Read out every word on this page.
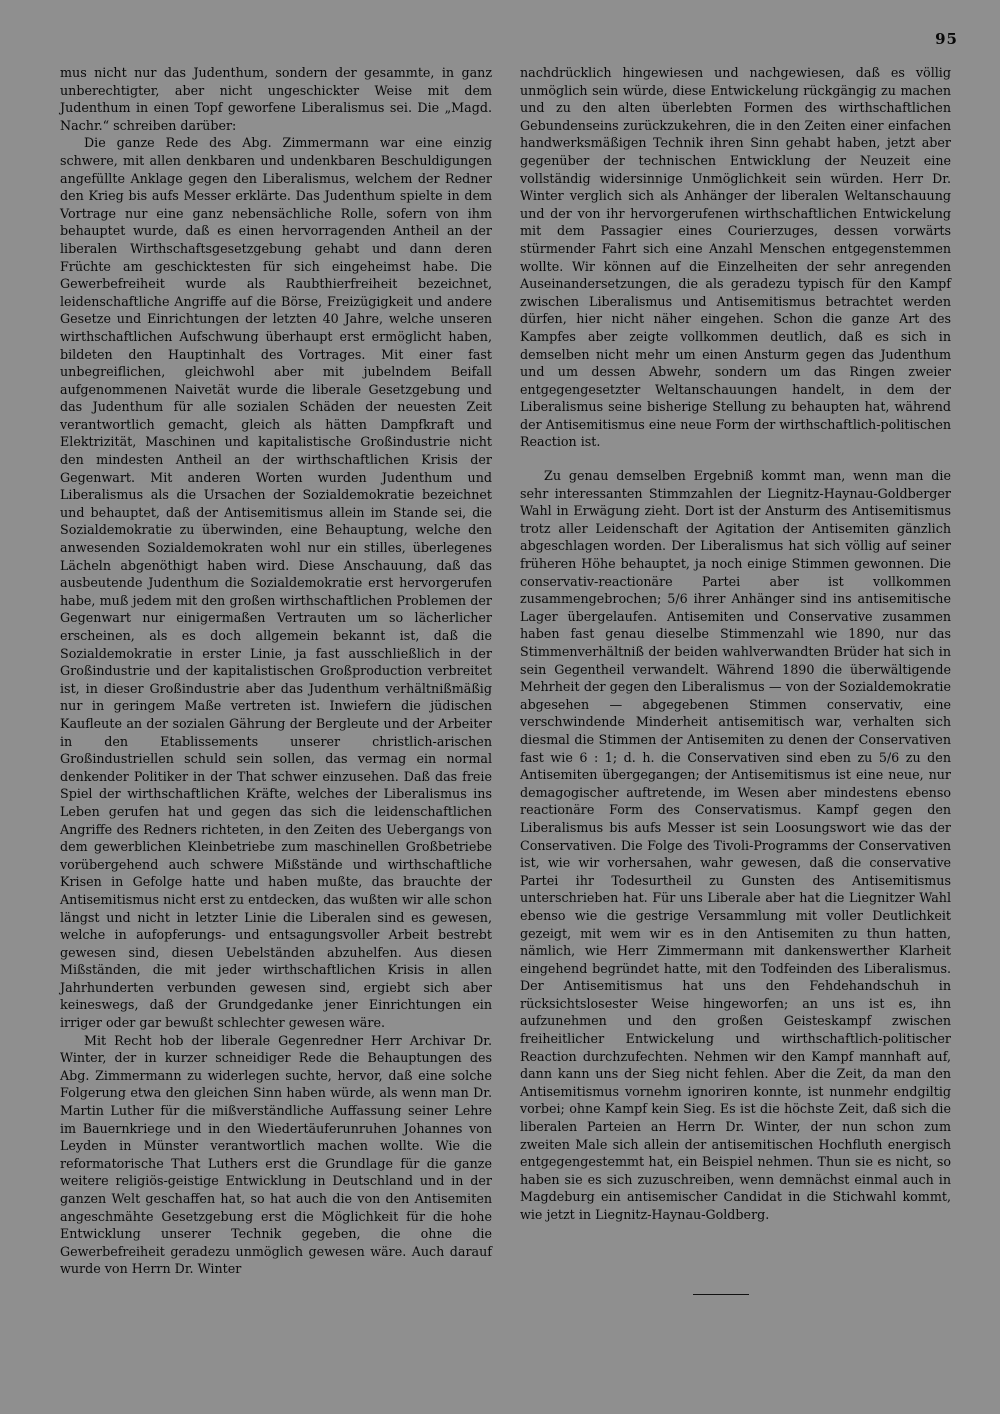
95

mus nicht nur das Judenthum, sondern der gesammte, in ganz unberechtigter, aber nicht ungeschickter Weise mit dem Judenthum in einen Topf geworfene Liberalismus sei. Die „Magd. Nachr.“ schreiben darüber:

Die ganze Rede des Abg. Zimmermann war eine einzig schwere, mit allen denkbaren und undenkbaren Beschuldigungen angefüllte Anklage gegen den Liberalismus, welchem der Redner den Krieg bis aufs Messer erklärte. Das Judenthum spielte in dem Vortrage nur eine ganz nebensächliche Rolle, sofern von ihm behauptet wurde, daß es einen hervorragenden Antheil an der liberalen Wirthschaftsgesetzgebung gehabt und dann deren Früchte am geschicktesten für sich eingeheimst habe. Die Gewerbefreiheit wurde als Raubthierfreiheit bezeichnet, leidenschaftliche Angriffe auf die Börse, Freizügigkeit und andere Gesetze und Einrichtungen der letzten 40 Jahre, welche unseren wirthschaftlichen Aufschwung überhaupt erst ermöglicht haben, bildeten den Hauptinhalt des Vortrages. Mit einer fast unbegreiflichen, gleichwohl aber mit jubelndem Beifall aufgenommenen Naivetät wurde die liberale Gesetzgebung und das Judenthum für alle sozialen Schäden der neuesten Zeit verantwortlich gemacht, gleich als hätten Dampfkraft und Elektrizität, Maschinen und kapitalistische Großindustrie nicht den mindesten Antheil an der wirthschaftlichen Krisis der Gegenwart. Mit anderen Worten wurden Judenthum und Liberalismus als die Ursachen der Sozialdemokratie bezeichnet und behauptet, daß der Antisemitismus allein im Stande sei, die Sozialdemokratie zu überwinden, eine Behauptung, welche den anwesenden Sozialdemokraten wohl nur ein stilles, überlegenes Lächeln abgenöthigt haben wird. Diese Anschauung, daß das ausbeutende Judenthum die Sozialdemokratie erst hervorgerufen habe, muß jedem mit den großen wirthschaftlichen Problemen der Gegenwart nur einigermaßen Vertrauten um so lächerlicher erscheinen, als es doch allgemein bekannt ist, daß die Sozialdemokratie in erster Linie, ja fast ausschließlich in der Großindustrie und der kapitalistischen Großproduction verbreitet ist, in dieser Großindustrie aber das Judenthum verhältnißmäßig nur in geringem Maße vertreten ist. Inwiefern die jüdischen Kaufleute an der sozialen Gährung der Bergleute und der Arbeiter in den Etablissements unserer christlich-arischen Großindustriellen schuld sein sollen, das vermag ein normal denkender Politiker in der That schwer einzusehen. Daß das freie Spiel der wirthschaftlichen Kräfte, welches der Liberalismus ins Leben gerufen hat und gegen das sich die leidenschaftlichen Angriffe des Redners richteten, in den Zeiten des Uebergangs von dem gewerblichen Kleinbetriebe zum maschinellen Großbetriebe vorübergehend auch schwere Mißstände und wirthschaftliche Krisen in Gefolge hatte und haben mußte, das brauchte der Antisemitismus nicht erst zu entdecken, das wußten wir alle schon längst und nicht in letzter Linie die Liberalen sind es gewesen, welche in aufopferungs- und entsagungsvoller Arbeit bestrebt gewesen sind, diesen Uebelständen abzuhelfen. Aus diesen Mißständen, die mit jeder wirthschaftlichen Krisis in allen Jahrhunderten verbunden gewesen sind, ergiebt sich aber keineswegs, daß der Grundgedanke jener Einrichtungen ein irriger oder gar bewußt schlechter gewesen wäre.

Mit Recht hob der liberale Gegenredner Herr Archivar Dr. Winter, der in kurzer schneidiger Rede die Behauptungen des Abg. Zimmermann zu widerlegen suchte, hervor, daß eine solche Folgerung etwa den gleichen Sinn haben würde, als wenn man Dr. Martin Luther für die mißverständliche Auffassung seiner Lehre im Bauernkriege und in den Wiedertäuferunruhen Johannes von Leyden in Münster verantwortlich machen wollte. Wie die reformatorische That Luthers erst die Grundlage für die ganze weitere religiös-geistige Entwicklung in Deutschland und in der ganzen Welt geschaffen hat, so hat auch die von den Antisemiten angeschmähte Gesetzgebung erst die Möglichkeit für die hohe Entwicklung unserer Technik gegeben, die ohne die Gewerbefreiheit geradezu unmöglich gewesen wäre. Auch darauf wurde von Herrn Dr. Winter

nachdrücklich hingewiesen und nachgewiesen, daß es völlig unmöglich sein würde, diese Entwickelung rückgängig zu machen und zu den alten überlebten Formen des wirthschaftlichen Gebundenseins zurückzukehren, die in den Zeiten einer einfachen handwerksmäßigen Technik ihren Sinn gehabt haben, jetzt aber gegenüber der technischen Entwicklung der Neuzeit eine vollständig widersinnige Unmöglichkeit sein würden. Herr Dr. Winter verglich sich als Anhänger der liberalen Weltanschauung und der von ihr hervorgerufenen wirthschaftlichen Entwickelung mit dem Passagier eines Courierzuges, dessen vorwärts stürmender Fahrt sich eine Anzahl Menschen entgegenstemmen wollte. Wir können auf die Einzelheiten der sehr anregenden Auseinandersetzungen, die als geradezu typisch für den Kampf zwischen Liberalismus und Antisemitismus betrachtet werden dürfen, hier nicht näher eingehen. Schon die ganze Art des Kampfes aber zeigte vollkommen deutlich, daß es sich in demselben nicht mehr um einen Ansturm gegen das Judenthum und um dessen Abwehr, sondern um das Ringen zweier entgegengesetzter Weltanschauungen handelt, in dem der Liberalismus seine bisherige Stellung zu behaupten hat, während der Antisemitismus eine neue Form der wirthschaftlich-politischen Reaction ist.

Zu genau demselben Ergebniß kommt man, wenn man die sehr interessanten Stimmzahlen der Liegnitz-Haynau-Goldberger Wahl in Erwägung zieht. Dort ist der Ansturm des Antisemitismus trotz aller Leidenschaft der Agitation der Antisemiten gänzlich abgeschlagen worden. Der Liberalismus hat sich völlig auf seiner früheren Höhe behauptet, ja noch einige Stimmen gewonnen. Die conservativ-reactionäre Partei aber ist vollkommen zusammengebrochen; 5/6 ihrer Anhänger sind ins antisemitische Lager übergelaufen. Antisemiten und Conservative zusammen haben fast genau dieselbe Stimmenzahl wie 1890, nur das Stimmenverhältniß der beiden wahlverwandten Brüder hat sich in sein Gegentheil verwandelt. Während 1890 die überwältigende Mehrheit der gegen den Liberalismus — von der Sozialdemokratie abgesehen — abgegebenen Stimmen conservativ, eine verschwindende Minderheit antisemitisch war, verhalten sich diesmal die Stimmen der Antisemiten zu denen der Conservativen fast wie 6 : 1; d. h. die Conservativen sind eben zu 5/6 zu den Antisemiten übergegangen; der Antisemitismus ist eine neue, nur demagogischer auftretende, im Wesen aber mindestens ebenso reactionäre Form des Conservatismus. Kampf gegen den Liberalismus bis aufs Messer ist sein Loosungswort wie das der Conservativen. Die Folge des Tivoli-Programms der Conservativen ist, wie wir vorhersahen, wahr gewesen, daß die conservative Partei ihr Todesurtheil zu Gunsten des Antisemitismus unterschrieben hat. Für uns Liberale aber hat die Liegnitzer Wahl ebenso wie die gestrige Versammlung mit voller Deutlichkeit gezeigt, mit wem wir es in den Antisemiten zu thun hatten, nämlich, wie Herr Zimmermann mit dankenswerther Klarheit eingehend begründet hatte, mit den Todfeinden des Liberalismus. Der Antisemitismus hat uns den Fehdehandschuh in rücksichtslosester Weise hingeworfen; an uns ist es, ihn aufzunehmen und den großen Geisteskampf zwischen freiheitlicher Entwickelung und wirthschaftlich-politischer Reaction durchzufechten. Nehmen wir den Kampf mannhaft auf, dann kann uns der Sieg nicht fehlen. Aber die Zeit, da man den Antisemitismus vornehm ignoriren konnte, ist nunmehr endgiltig vorbei; ohne Kampf kein Sieg. Es ist die höchste Zeit, daß sich die liberalen Parteien an Herrn Dr. Winter, der nun schon zum zweiten Male sich allein der antisemitischen Hochfluth energisch entgegengestemmt hat, ein Beispiel nehmen. Thun sie es nicht, so haben sie es sich zuzuschreiben, wenn demnächst einmal auch in Magdeburg ein antisemischer Candidat in die Stichwahl kommt, wie jetzt in Liegnitz-Haynau-Goldberg.
